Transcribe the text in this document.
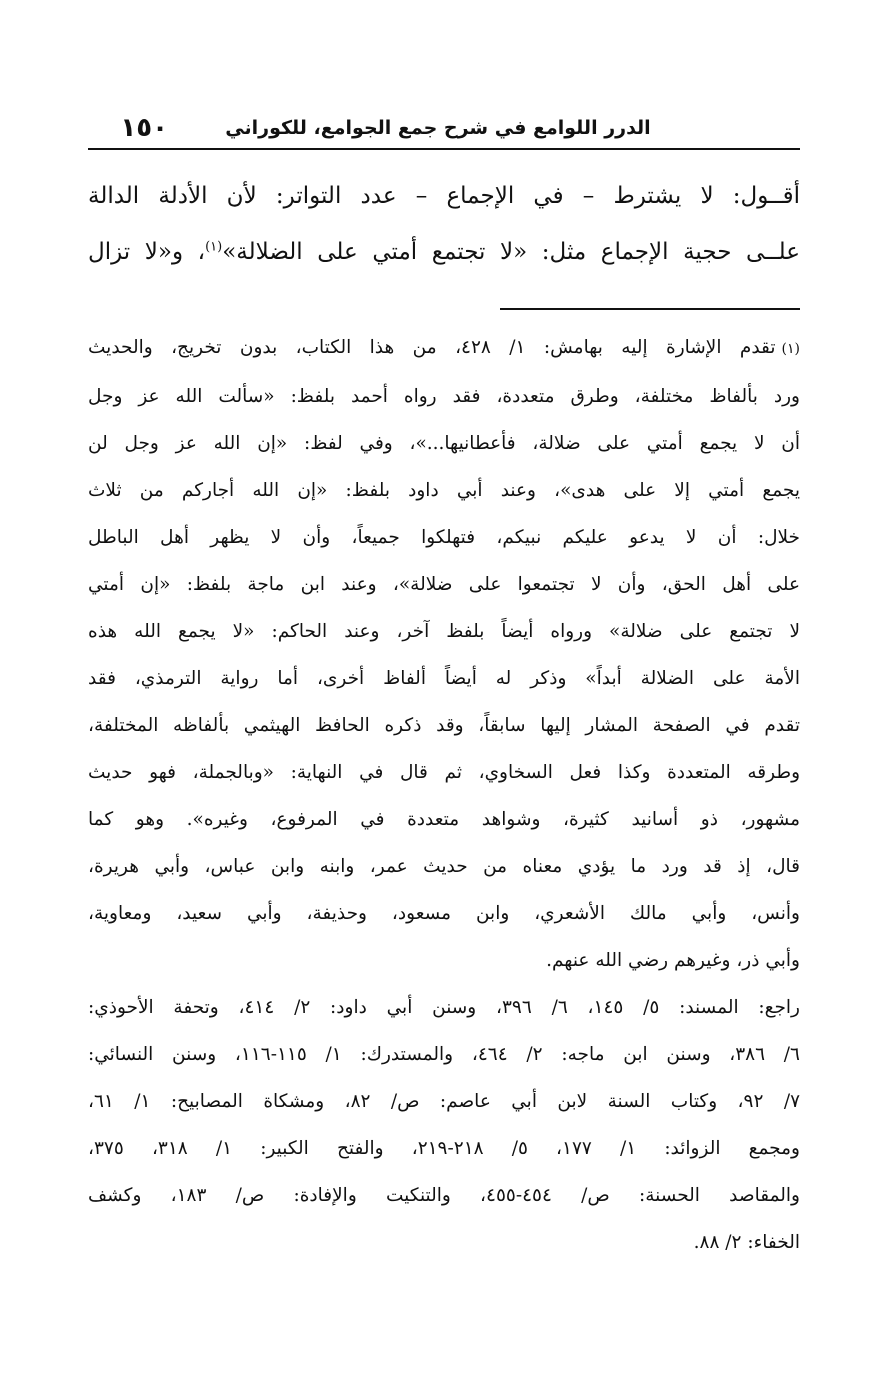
١٥٠	الدرر اللوامع في شرح جمع الجوامع، للكوراني
أقــول: لا يشترط – في الإجماع – عدد التواتر: لأن الأدلة الدالة
علــى حجية الإجماع مثل: «لا تجتمع أمتي على الضلالة»$^{(١)}$، و«لا تزال
(١)تقدم الإشارة إليه بهامش: ١/ ٤٢٨، من هذا الكتاب، بدون تخريج، والحديث
ورد بألفاظ مختلفة، وطرق متعددة، فقد رواه أحمد بلفظ: «سألت الله عز وجل
أن لا يجمع أمتي على ضلالة، فأعطانيها...»، وفي لفظ: «إن الله عز وجل لن
يجمع أمتي إلا على هدى»، وعند أبي داود بلفظ: «إن الله أجاركم من ثلاث
خلال: أن لا يدعو عليكم نبيكم، فتهلكوا جميعاً، وأن لا يظهر أهل الباطل
على أهل الحق، وأن لا تجتمعوا على ضلالة»، وعند ابن ماجة بلفظ: «إن أمتي
لا تجتمع على ضلالة» ورواه أيضاً بلفظ آخر، وعند الحاكم: «لا يجمع الله هذه
الأمة على الضلالة أبداً» وذكر له أيضاً ألفاظ أخرى، أما رواية الترمذي، فقد
تقدم في الصفحة المشار إليها سابقاً، وقد ذكره الحافظ الهيثمي بألفاظه المختلفة،
وطرقه المتعددة وكذا فعل السخاوي، ثم قال في النهاية: «وبالجملة، فهو حديث
مشهور، ذو أسانيد كثيرة، وشواهد متعددة في المرفوع، وغيره». وهو كما
قال، إذ قد ورد ما يؤدي معناه من حديث عمر، وابنه وابن عباس، وأبي هريرة،
وأنس، وأبي مالك الأشعري، وابن مسعود، وحذيفة، وأبي سعيد، ومعاوية،
وأبي ذر، وغيرهم رضي الله عنهم.
راجع: المسند: ٥/ ١٤٥، ٦/ ٣٩٦، وسنن أبي داود: ٢/ ٤١٤، وتحفة الأحوذي:
٦/ ٣٨٦، وسنن ابن ماجه: ٢/ ٤٦٤، والمستدرك: ١/ ١١٥-١١٦، وسنن النسائي:
٧/ ٩٢، وكتاب السنة لابن أبي عاصم: ص/ ٨٢، ومشكاة المصابيح: ١/ ٦١،
ومجمع الزوائد: ١/ ١٧٧، ٥/ ٢١٨-٢١٩، والفتح الكبير: ١/ ٣١٨، ٣٧٥،
والمقاصد الحسنة: ص/ ٤٥٤-٤٥٥، والتنكيت والإفادة: ص/ ١٨٣، وكشف
الخفاء: ٢/ ٨٨.
